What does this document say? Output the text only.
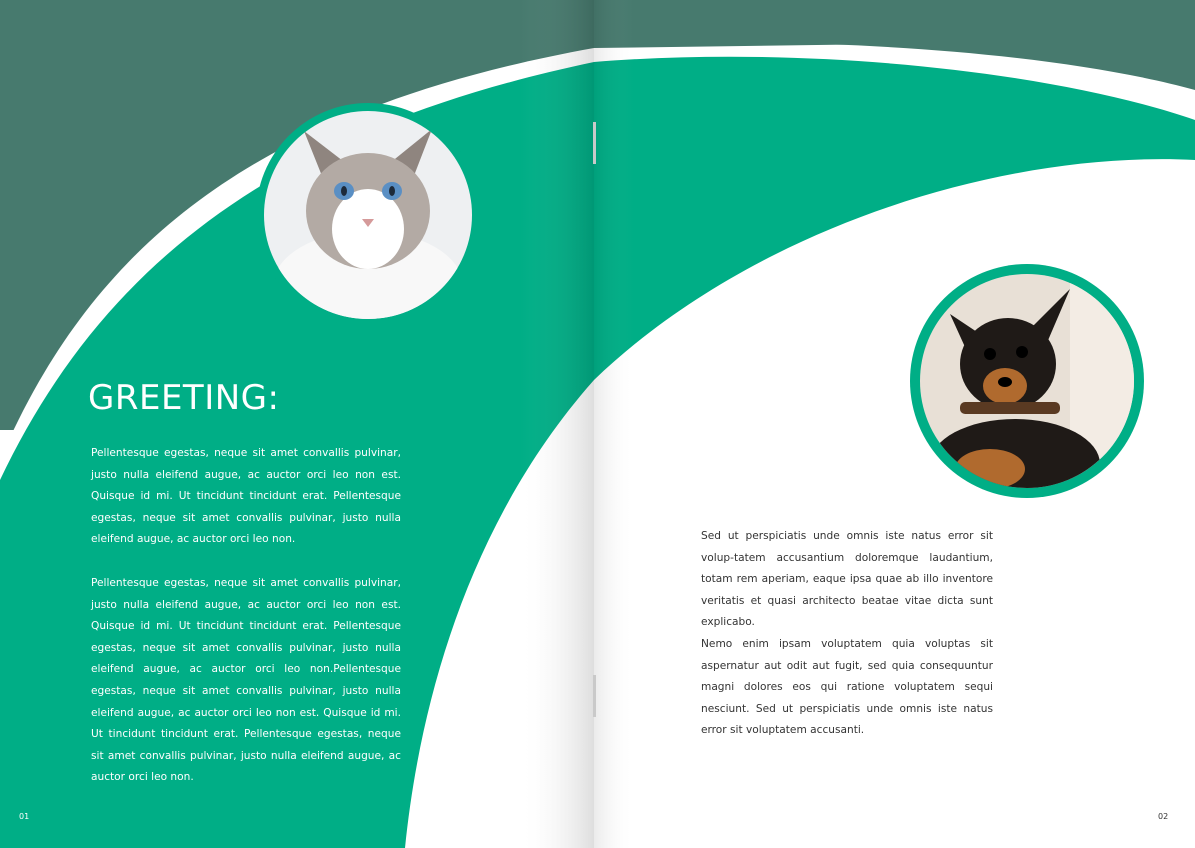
GREETING:

Pellentesque egestas, neque sit amet convallis pulvinar, justo nulla eleifend augue, ac auctor orci leo non est. Quisque id mi. Ut tincidunt tincidunt erat. Pellentesque egestas, neque sit amet convallis pulvinar, justo nulla eleifend augue, ac auctor orci leo non.

Pellentesque egestas, neque sit amet convallis pulvinar, justo nulla eleifend augue, ac auctor orci leo non est. Quisque id mi. Ut tincidunt tincidunt erat. Pellentesque egestas, neque sit amet convallis pulvinar, justo nulla eleifend augue, ac auctor orci leo non.Pellentesque egestas, neque sit amet convallis pulvinar, justo nulla eleifend augue, ac auctor orci leo non est. Quisque id mi. Ut tincidunt tincidunt erat. Pellentesque egestas, neque sit amet convallis pulvinar, justo nulla eleifend augue, ac auctor orci leo non.

01

Sed ut perspiciatis unde omnis iste natus error sit volup-tatem accusantium doloremque laudantium, totam rem aperiam, eaque ipsa quae ab illo inventore veritatis et quasi architecto beatae vitae dicta sunt explicabo.

Nemo enim ipsam voluptatem quia voluptas sit aspernatur aut odit aut fugit, sed quia consequuntur magni dolores eos qui ratione voluptatem sequi nesciunt. Sed ut perspiciatis unde omnis iste natus error sit voluptatem accusanti.

02
